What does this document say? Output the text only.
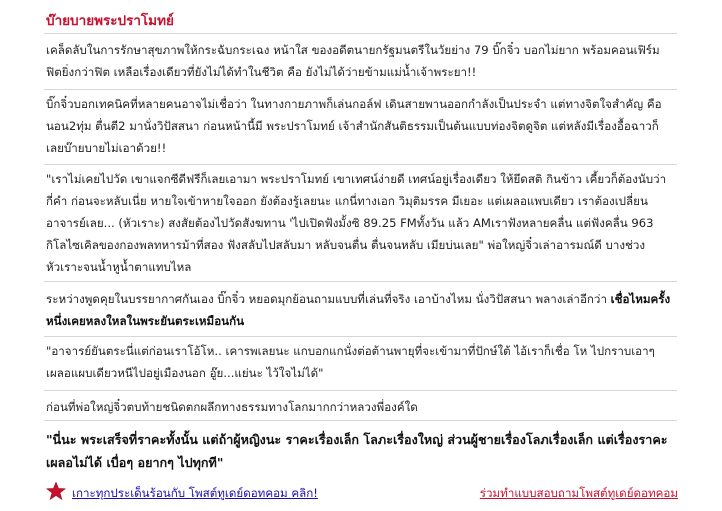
บ๊ายบายพระปราโมทย์

เคล็ดลับในการรักษาสุขภาพให้กระฉับกระเฉง หน้าใส ของอดีตนายกรัฐมนตรีในวัยย่าง 79 บิ๊กจิ๋ว บอกไม่ยาก พร้อมคอนเฟิร์ม ฟิตยิ่งกว่าฟิต เหลือเรื่องเดียวที่ยังไม่ได้ทำในชีวิต คือ ยังไม่ได้ว่ายข้ามแม่น้ำเจ้าพระยา!!

บิ๊กจิ๋วบอกเทคนิคที่หลายคนอาจไม่เชื่อว่า ในทางกายภาพก็เล่นกอล์ฟ เดินสายพานออกกำลังเป็นประจำ แต่ทางจิตใจสำคัญ คือ นอน2ทุ่ม ตื่นตี2 มานั่งวิปัสสนา ก่อนหน้านี้มี พระปราโมทย์ เจ้าสำนักสันติธรรมเป็นต้นแบบท่องจิตดูจิต แต่หลังมีเรื่องอื้อฉาวก็เลยบ๊ายบายไม่เอาด้วย!!

"เราไม่เคยไปวัด เขาแจกซีดีฟรีก็เลยเอามา พระปราโมทย์ เขาเทศน์ง่ายดี เทศน์อยู่เรื่องเดียว ให้ยึดสติ กินข้าว เคี้ยวก็ต้องนับว่า กี่คำ ก่อนจะหลับเนี่ย หายใจเข้าหายใจออก ยังต้องรู้เลยนะ แกนี่ทางเอก วิมุติมรรค มีเยอะ แต่เผลอแพบเดียว เราต้องเปลี่ยนอาจารย์เลย... (หัวเราะ) สงสัยต้องไปวัดสังฆทาน 'ไปเปิดฟังมั้งซิ 89.25 FMทั้งวัน แล้ว AMเราฟังหลายคลื่น แต่ฟังคลื่น 963 กิโลไซเคิลของกองพลทหารม้าที่สอง ฟังสลับไปสลับมา หลับจนตื่น ตื่นจนหลับ เมียบ่นเลย" พ่อใหญ่จิ๋วเล่าอารมณ์ดี บางช่วงหัวเราะจนน้ำหูน้ำตาแทบไหล

ระหว่างพูดคุยในบรรยากาศกันเอง บิ๊กจิ๋ว หยอดมุกย้อนถามแบบที่เล่นที่จริง เอาบ้างไหม นั่งวิปัสสนา พลางเล่าอีกว่า เชื่อไหมครั้งหนึ่งเคยหลงใหลในพระยันตระเหมือนกัน

"อาจารย์ยันตระนี่แต่ก่อนเราโอ้โห.. เคารพเลยนะ แกบอกแกนั่งต่อต้านพายุที่จะเข้ามาที่ปักษ์ใต้ ไอ้เราก็เชื่อ โห ไปกราบเอาๆ เผลอแผบเดียวหนีไปอยู่เมืองนอก อู๊ย...แย่นะ ไว้ใจไม่ได้"

ก่อนที่พ่อใหญ่จิ๋วตบท้ายชนิดตกผลึกทางธรรมทางโลกมากกว่าหลวงพี่องค์ใด

"นี่นะ พระเสร็จที่ราคะทั้งนั้น แต่ถ้าผู้หญิงนะ ราคะเรื่องเล็ก โลภะเรื่องใหญ่ ส่วนผู้ชายเรื่องโลภเรื่องเล็ก แต่เรื่องราคะ เผลอไม่ได้ เบื่อๆ อยากๆ ไปทุกที"

เกาะทุกประเด็นร้อนกับ โพสต์ทูเดย์ดอทคอม คลิก!	ร่วมทำแบบสอบถามโพสต์ทูเดย์ดอทคอม
